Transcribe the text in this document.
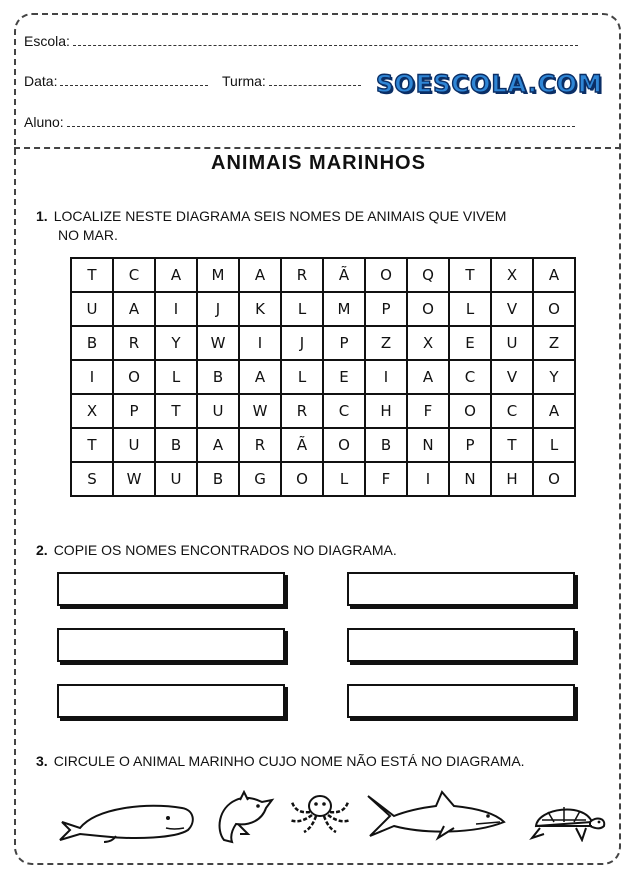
Escola:
Data:	Turma:	SOESCOLA.COM
Aluno:
ANIMAIS MARINHOS
1. LOCALIZE NESTE DIAGRAMA SEIS NOMES DE ANIMAIS QUE VIVEM
NO MAR.
T	C	A	M	A	R	Ã	O	Q	T	X	A
U	A	I	J	K	L	M	P	O	L	V	O
B	R	Y	W	I	J	P	Z	X	E	U	Z
I	O	L	B	A	L	E	I	A	C	V	Y
X	P	T	U	W	R	C	H	F	O	C	A
T	U	B	A	R	Ã	O	B	N	P	T	L
S	W	U	B	G	O	L	F	I	N	H	O
2. COPIE OS NOMES ENCONTRADOS NO DIAGRAMA.
3. CIRCULE O ANIMAL MARINHO CUJO NOME NÃO ESTÁ NO DIAGRAMA.
